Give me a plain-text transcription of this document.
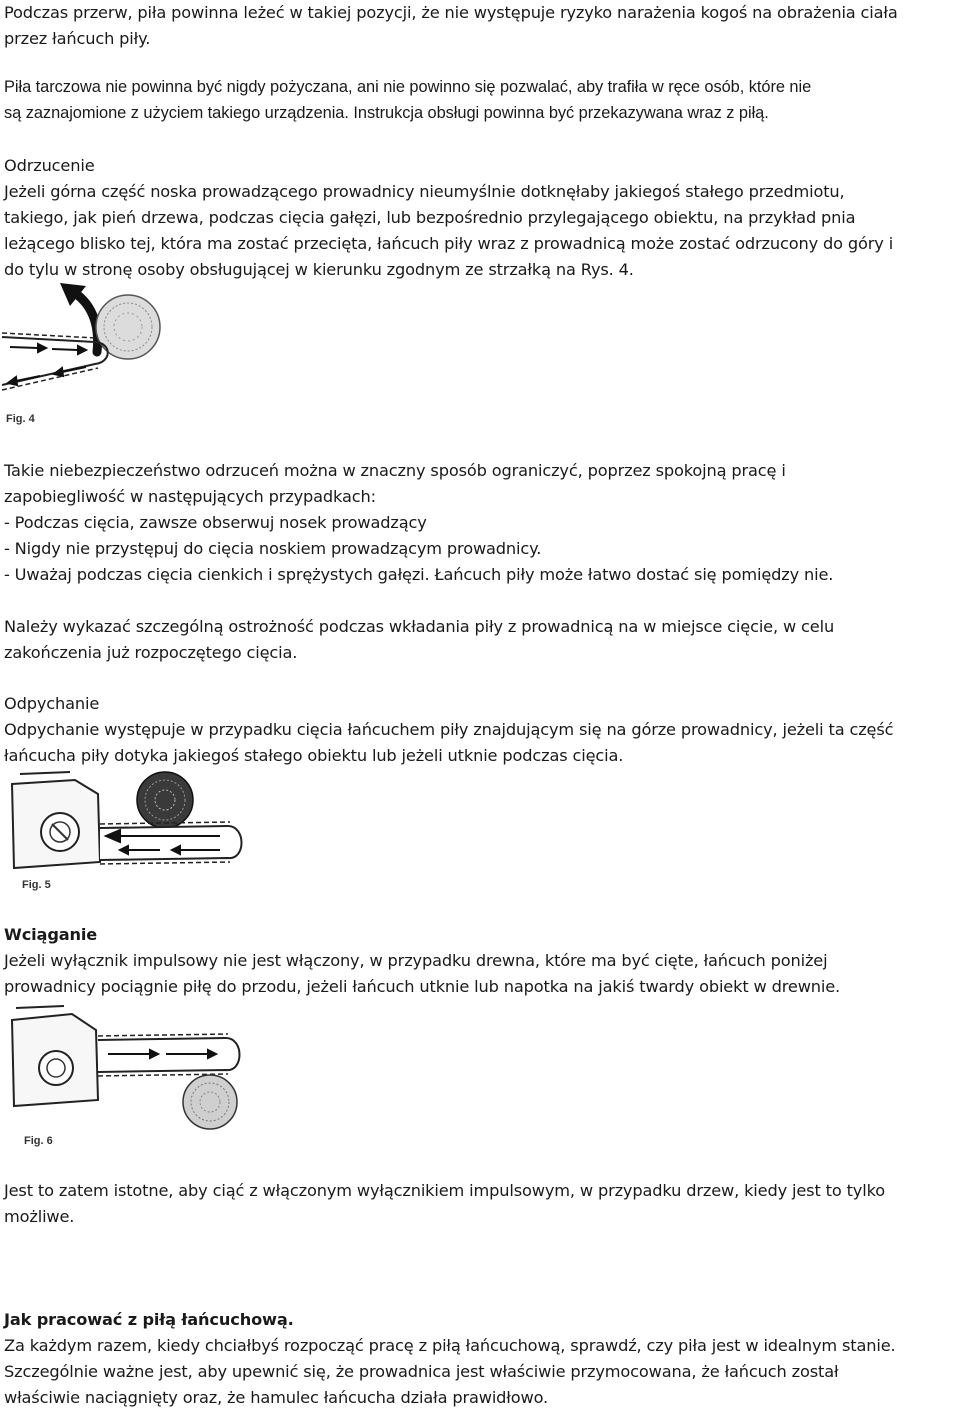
Podczas przerw, piła powinna leżeć w takiej pozycji, że nie występuje ryzyko narażenia kogoś na obrażenia ciała
przez łańcuch piły.
Piła tarczowa nie powinna być nigdy pożyczana, ani nie powinno się pozwalać, aby trafiła w ręce osób, które nie
są zaznajomione z użyciem takiego urządzenia. Instrukcja obsługi powinna być przekazywana wraz z piłą.
Odrzucenie
Jeżeli górna część noska prowadzącego prowadnicy nieumyślnie dotknęłaby jakiegoś stałego przedmiotu,
takiego, jak pień drzewa, podczas cięcia gałęzi, lub bezpośrednio przylegającego obiektu, na przykład pnia
leżącego blisko tej, która ma zostać przecięta, łańcuch piły wraz z prowadnicą może zostać odrzucony do góry i
do tylu w stronę osoby obsługującej w kierunku zgodnym ze strzałką na Rys. 4.
Fig. 4
Takie niebezpieczeństwo odrzuceń można w znaczny sposób ograniczyć, poprzez spokojną pracę i
zapobiegliwość w następujących przypadkach:
- Podczas cięcia, zawsze obserwuj nosek prowadzący
- Nigdy nie przystępuj do cięcia noskiem prowadzącym prowadnicy.
- Uważaj podczas cięcia cienkich i sprężystych gałęzi. Łańcuch piły może łatwo dostać się pomiędzy nie.
Należy wykazać szczególną ostrożność podczas wkładania piły z prowadnicą na w miejsce cięcie, w celu
zakończenia już rozpoczętego cięcia.
Odpychanie
Odpychanie występuje w przypadku cięcia łańcuchem piły znajdującym się na górze prowadnicy, jeżeli ta część
łańcucha piły dotyka jakiegoś stałego obiektu lub jeżeli utknie podczas cięcia.
Fig. 5
Wciąganie
Jeżeli wyłącznik impulsowy nie jest włączony, w przypadku drewna, które ma być cięte, łańcuch poniżej
prowadnicy pociągnie piłę do przodu, jeżeli łańcuch utknie lub napotka na jakiś twardy obiekt w drewnie.
Fig. 6
Jest to zatem istotne, aby ciąć z włączonym wyłącznikiem impulsowym, w przypadku drzew, kiedy jest to tylko
możliwe.
Jak pracować z piłą łańcuchową.
Za każdym razem, kiedy chciałbyś rozpocząć pracę z piłą łańcuchową, sprawdź, czy piła jest w idealnym stanie.
Szczególnie ważne jest, aby upewnić się, że prowadnica jest właściwie przymocowana, że łańcuch został
właściwie naciągnięty oraz, że hamulec łańcucha działa prawidłowo.
